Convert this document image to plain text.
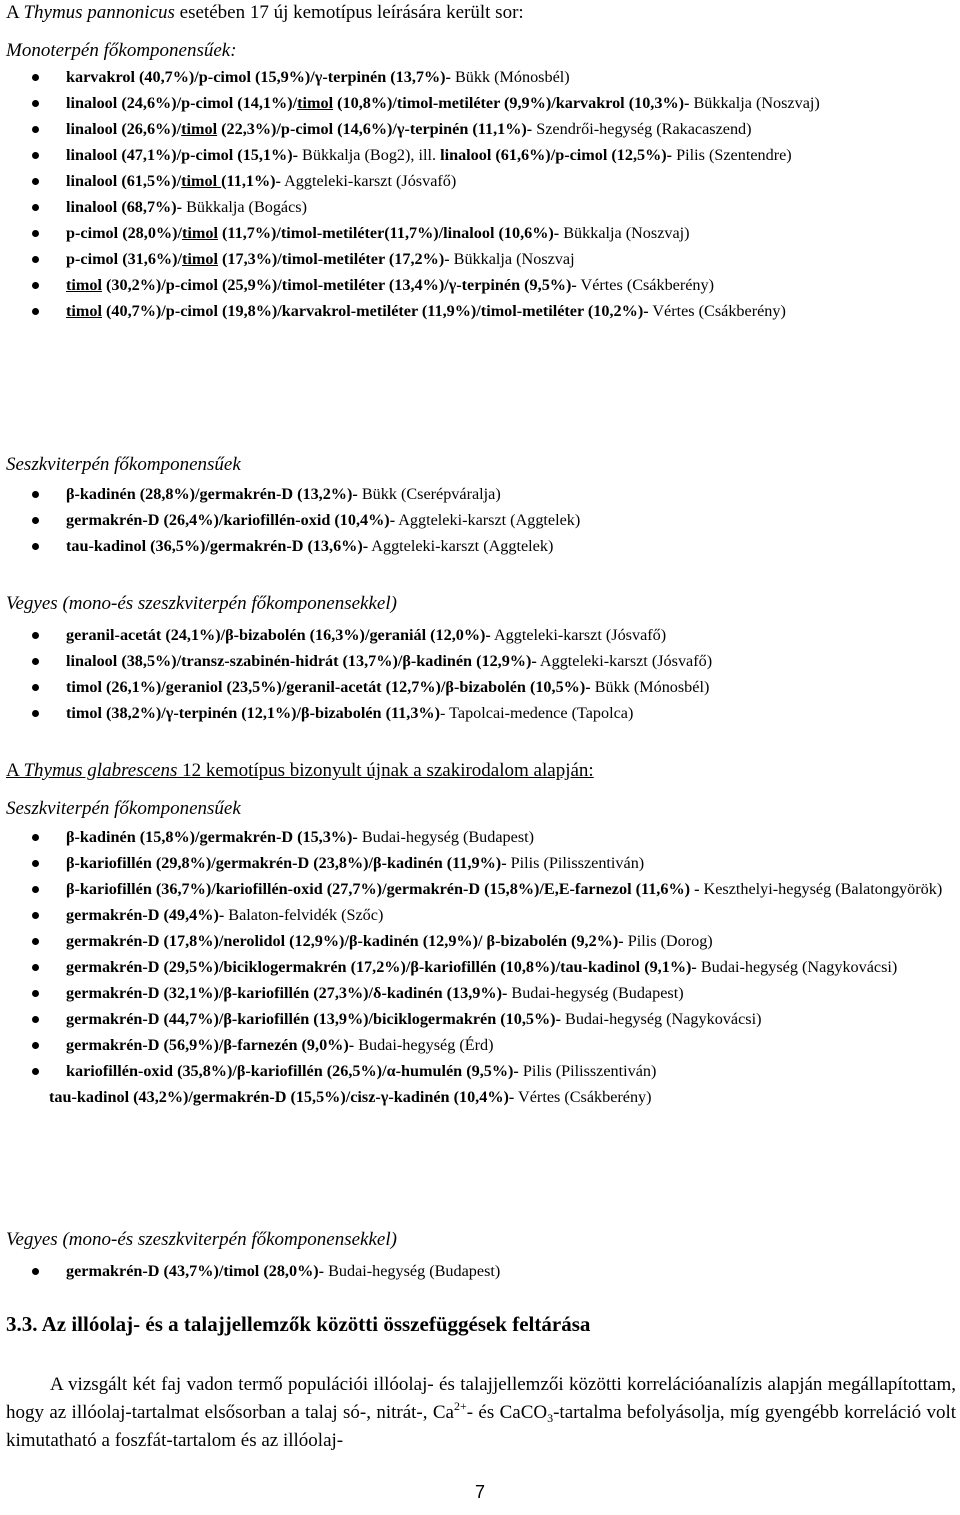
A Thymus pannonicus esetében 17 új kemotípus leírására került sor:
Monoterpén főkomponensűek:
karvakrol (40,7%)/p-cimol (15,9%)/γ-terpinén (13,7%)- Bükk (Mónosbél)
linalool (24,6%)/p-cimol (14,1%)/timol (10,8%)/timol-metiléter (9,9%)/karvakrol (10,3%)- Bükkalja (Noszvaj)
linalool (26,6%)/timol (22,3%)/p-cimol (14,6%)/γ-terpinén (11,1%)- Szendrői-hegység (Rakacaszend)
linalool (47,1%)/p-cimol (15,1%)- Bükkalja (Bog2), ill. linalool (61,6%)/p-cimol (12,5%)- Pilis (Szentendre)
linalool (61,5%)/timol (11,1%)- Aggteleki-karszt (Jósvafő)
linalool (68,7%)- Bükkalja (Bogács)
p-cimol (28,0%)/timol (11,7%)/timol-metiléter(11,7%)/linalool (10,6%)- Bükkalja (Noszvaj)
p-cimol (31,6%)/timol (17,3%)/timol-metiléter (17,2%)- Bükkalja (Noszvaj
timol (30,2%)/p-cimol (25,9%)/timol-metiléter (13,4%)/γ-terpinén (9,5%)- Vértes (Csákberény)
timol (40,7%)/p-cimol (19,8%)/karvakrol-metiléter (11,9%)/timol-metiléter (10,2%)- Vértes (Csákberény)
Seszkviterpén főkomponensűek
β-kadinén (28,8%)/germakrén-D (13,2%)- Bükk (Cserépváralja)
germakrén-D (26,4%)/kariofillén-oxid (10,4%)- Aggteleki-karszt (Aggtelek)
tau-kadinol (36,5%)/germakrén-D (13,6%)- Aggteleki-karszt (Aggtelek)
Vegyes (mono-és szeszkviterpén főkomponensekkel)
geranil-acetát (24,1%)/β-bizabolén (16,3%)/geraniál (12,0%)- Aggteleki-karszt (Jósvafő)
linalool (38,5%)/transz-szabinén-hidrát (13,7%)/β-kadinén (12,9%)- Aggteleki-karszt (Jósvafő)
timol (26,1%)/geraniol (23,5%)/geranil-acetát (12,7%)/β-bizabolén (10,5%)- Bükk (Mónosbél)
timol (38,2%)/γ-terpinén (12,1%)/β-bizabolén (11,3%)- Tapolcai-medence (Tapolca)
A Thymus glabrescens 12 kemotípus bizonyult újnak a szakirodalom alapján:
Seszkviterpén főkomponensűek
β-kadinén (15,8%)/germakrén-D (15,3%)- Budai-hegység (Budapest)
β-kariofillén (29,8%)/germakrén-D (23,8%)/β-kadinén (11,9%)- Pilis (Pilisszentiván)
β-kariofillén (36,7%)/kariofillén-oxid (27,7%)/germakrén-D (15,8%)/E,E-farnezol (11,6%) - Keszthelyi-hegység (Balatongyörök)
germakrén-D (49,4%)- Balaton-felvidék (Szőc)
germakrén-D (17,8%)/nerolidol (12,9%)/β-kadinén (12,9%)/ β-bizabolén (9,2%)- Pilis (Dorog)
germakrén-D (29,5%)/biciklogermakrén (17,2%)/β-kariofillén (10,8%)/tau-kadinol (9,1%)- Budai-hegység (Nagykovácsi)
germakrén-D (32,1%)/β-kariofillén (27,3%)/δ-kadinén (13,9%)- Budai-hegység (Budapest)
germakrén-D (44,7%)/β-kariofillén (13,9%)/biciklogermakrén (10,5%)- Budai-hegység (Nagykovácsi)
germakrén-D (56,9%)/β-farnezén (9,0%)- Budai-hegység (Érd)
kariofillén-oxid (35,8%)/β-kariofillén (26,5%)/α-humulén (9,5%)- Pilis (Pilisszentiván)
tau-kadinol (43,2%)/germakrén-D (15,5%)/cisz-γ-kadinén (10,4%)- Vértes (Csákberény)
Vegyes (mono-és szeszkviterpén főkomponensekkel)
germakrén-D (43,7%)/timol (28,0%)- Budai-hegység (Budapest)
3.3. Az illóolaj- és a talajjellemzők közötti összefüggések feltárása
A vizsgált két faj vadon termő populációi illóolaj- és talajjellemzői közötti korrelációanalízis alapján megállapítottam, hogy az illóolaj-tartalmat elsősorban a talaj só-, nitrát-, $Ca^{2+}-$ és CaCO$_3$-tartalma befolyásolja, míg gyengébb korreláció volt kimutatható a foszfát-tartalom és az illóolaj-
7
